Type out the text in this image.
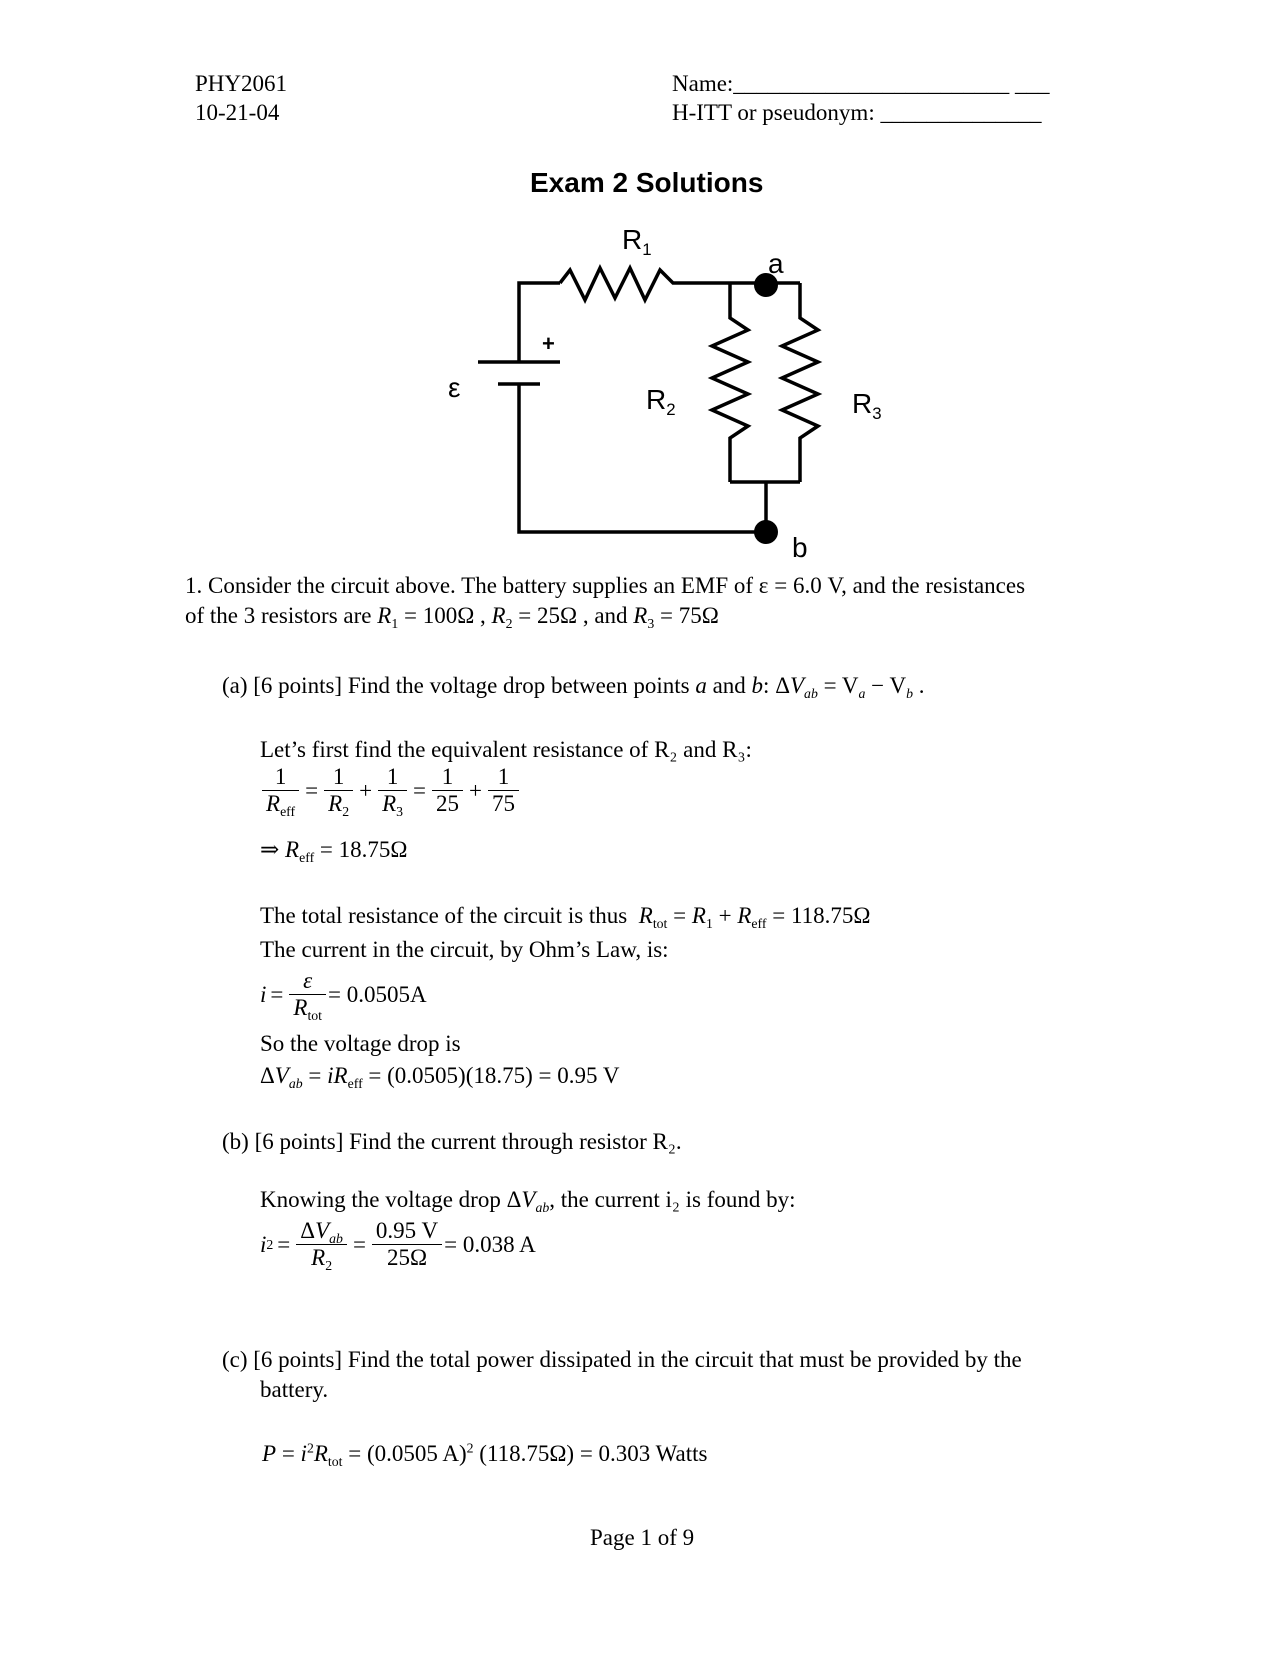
PHY2061
10-21-04
Name:________________________ ___
H-ITT or pseudonym: ______________
Exam 2 Solutions
ε
+
$R_1$	a
$R_2$	$R_3$
b
1. Consider the circuit above. The battery supplies an EMF of ε = 6.0 V, and the resistances
of the 3 resistors are $R_1 = 100\Omega$ , $R_2 = 25\Omega$ , and $R_3 = 75\Omega$
(a) [6 points] Find the voltage drop between points a and b: $\Delta V_{ab} = V_a - V_b$ .
Let’s first find the equivalent resistance of R₂ and R₃:
$\frac{1}{R_{eff}} = \frac{1}{R_2} + \frac{1}{R_3} = \frac{1}{25} + \frac{1}{75}$
⇒ $R_{eff} = 18.75\Omega$
The total resistance of the circuit is thus $R_{tot} = R_1 + R_{eff} = 118.75\Omega$
The current in the circuit, by Ohm’s Law, is:
$i = \frac{\varepsilon}{R_{tot}} = 0.0505A$
So the voltage drop is
$\Delta V_{ab} = iR_{eff} = (0.0505)(18.75) = 0.95$ V
(b) [6 points] Find the current through resistor R₂.
Knowing the voltage drop $\Delta V_{ab}$, the current i₂ is found by:
i $2 = \frac{\Delta V_{ab}}{R_2} = \frac{0.95 V}{25\Omega} = 0.038$ A
(c) [6 points] Find the total power dissipated in the circuit that must be provided by the
battery.
$P = i^2R_{tot} = (0.0505$ A)$^2$ (118.75Ω) = 0.303 Watts
Page 1 of 9
